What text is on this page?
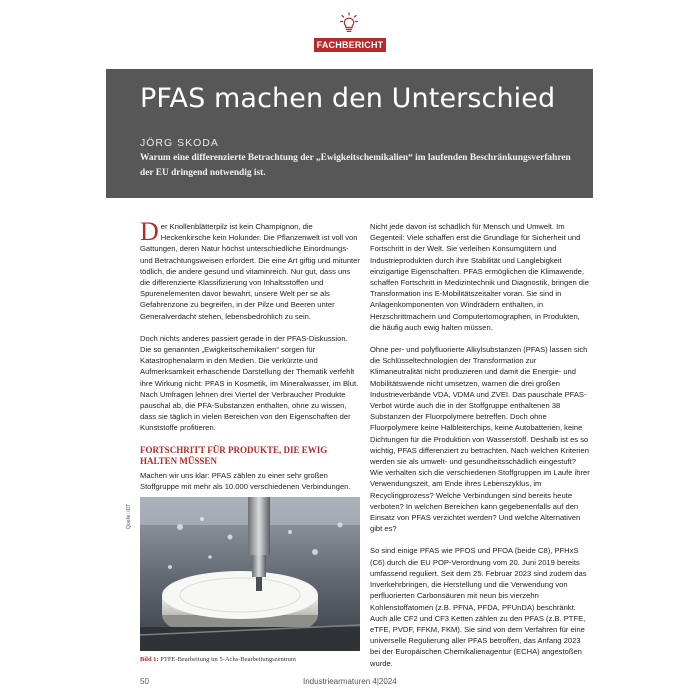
FACHBERICHT
PFAS machen den Unterschied
JÖRG SKODA
Warum eine differenzierte Betrachtung der „Ewigkeitschemikalien“ im laufenden Beschränkungsverfahren der EU dringend notwendig ist.

Der Knollenblätterpilz ist kein Champignon, die Heckenkirsche kein Holunder. Die Pflanzenwelt ist voll von Gattungen, deren Natur höchst unterschiedliche Einordnungs- und Betrachtungsweisen erfordert. Die eine Art giftig und mitunter tödlich, die andere gesund und vitaminreich. Nur gut, dass uns die differenzierte Klassifizierung von Inhaltsstoffen und Spurenelementen davor bewahrt, unsere Welt per se als Gefahrenzone zu begreifen, in der Pilze und Beeren unter Generalverdacht stehen, lebensbedrohlich zu sein.

Doch nichts anderes passiert gerade in der PFAS-Diskussion. Die so genannten „Ewigkeitschemikalien“ sorgen für Katastrophenalarm in den Medien. Die verkürzte und Aufmerksamkeit erhaschende Darstellung der Thematik verfehlt ihre Wirkung nicht: PFAS in Kosmetik, im Mineralwasser, im Blut. Nach Umfragen lehnen drei Viertel der Verbraucher Produkte pauschal ab, die PFA-Substanzen enthalten, ohne zu wissen, dass sie täglich in vielen Bereichen von den Eigenschaften der Kunststoffe profitieren.

FORTSCHRITT FÜR PRODUKTE, DIE EWIG HALTEN MÜSSEN

Machen wir uns klar: PFAS zählen zu einer sehr großen Stoffgruppe mit mehr als 10.000 verschiedenen Verbindungen.

Quelle: IDT
Bild 1: PTFE-Bearbeitung im 5-Achs-Bearbeitungszentrum

Nicht jede davon ist schädlich für Mensch und Umwelt. Im Gegenteil: Viele schaffen erst die Grundlage für Sicherheit und Fortschritt in der Welt. Sie verleihen Konsumgütern und Industrieprodukten durch ihre Stabilität und Langlebigkeit einzigartige Eigenschaften. PFAS ermöglichen die Klimawende, schaffen Fortschritt in Medizintechnik und Diagnostik, bringen die Transformation ins E-Mobilitätszeitalter voran. Sie sind in Anlagenkomponenten von Windrädern enthalten, in Herzschrittmachern und Computertomographen, in Produkten, die häufig auch ewig halten müssen.

Ohne per- und polyfluorierte Alkylsubstanzen (PFAS) lassen sich die Schlüsseltechnologien der Transformation zur Klimaneutralität nicht produzieren und damit die Energie- und Mobilitätswende nicht umsetzen, warnen die drei großen Industrieverbände VDA, VDMA und ZVEI. Das pauschale PFAS-Verbot würde auch die in der Stoffgruppe enthaltenen 38 Substanzen der Fluorpolymere betreffen. Doch ohne Fluorpolymere keine Halbleiterchips, keine Autobatterien, keine Dichtungen für die Produktion von Wasserstoff. Deshalb ist es so wichtig, PFAS differenziert zu betrachten. Nach welchen Kriterien werden sie als umwelt- und gesundheitsschädlich eingestuft? Wie verhalten sich die verschiedenen Stoffgruppen im Laufe ihrer Verwendungszeit, am Ende ihres Lebenszyklus, im Recyclingprozess? Welche Verbindungen sind bereits heute verboten? In welchen Bereichen kann gegebenenfalls auf den Einsatz von PFAS verzichtet werden? Und welche Alternativen gibt es?

So sind einige PFAS wie PFOS und PFOA (beide C8), PFHxS (C6) durch die EU POP-Verordnung vom 20. Juni 2019 bereits umfassend reguliert. Seit dem 25. Februar 2023 sind zudem das Inverkehrbringen, die Herstellung und die Verwendung von perfluorierten Carbonsäuren mit neun bis vierzehn Kohlenstoffatomen (z.B. PFNA, PFDA, PFUnDA) beschränkt. Auch alle CF2 und CF3 Ketten zählen zu den PFAS (z.B. PTFE, eTFE, PVDF, FFKM, FKM). Sie sind von dem Verfahren für eine universelle Regulierung aller PFAS betroffen, das Anfang 2023 bei der Europäischen Chemikalienagentur (ECHA) angestoßen wurde.

50	Industriearmaturen 4|2024
